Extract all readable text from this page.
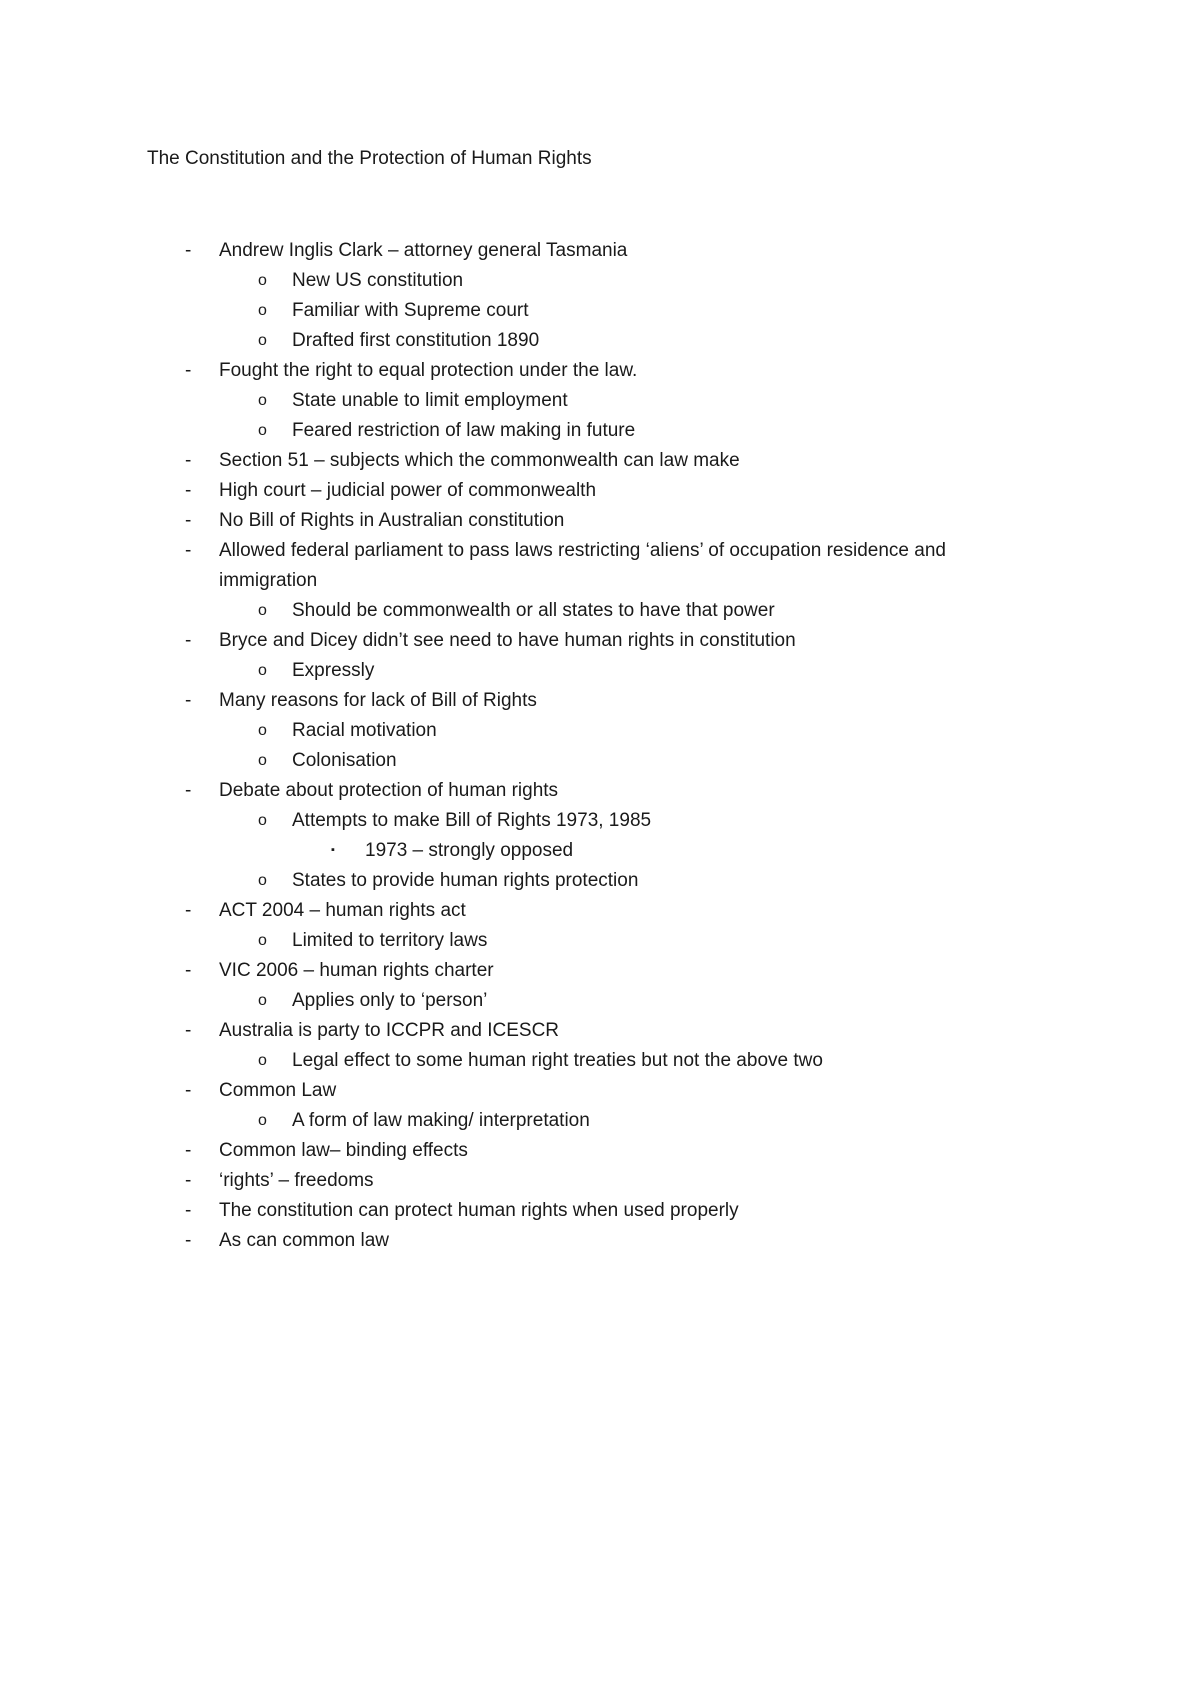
The Constitution and the Protection of Human Rights
-	Andrew Inglis Clark – attorney general Tasmania
o	New US constitution
o	Familiar with Supreme court
o	Drafted first constitution 1890
-	Fought the right to equal protection under the law.
o	State unable to limit employment
o	Feared restriction of law making in future
-	Section 51 – subjects which the commonwealth can law make
-	High court – judicial power of commonwealth
-	No Bill of Rights in Australian constitution
-	Allowed federal parliament to pass laws restricting ‘aliens’ of occupation residence and immigration
o	Should be commonwealth or all states to have that power
-	Bryce and Dicey didn’t see need to have human rights in constitution
o	Expressly
-	Many reasons for lack of Bill of Rights
o	Racial motivation
o	Colonisation
-	Debate about protection of human rights
o	Attempts to make Bill of Rights 1973, 1985
▪	1973 – strongly opposed
o	States to provide human rights protection
-	ACT 2004 – human rights act
o	Limited to territory laws
-	VIC 2006 – human rights charter
o	Applies only to ‘person’
-	Australia is party to ICCPR and ICESCR
o	Legal effect to some human right treaties but not the above two
-	Common Law
o	A form of law making/ interpretation
-	Common law– binding effects
-	‘rights’ – freedoms
-	The constitution can protect human rights when used properly
-	As can common law
